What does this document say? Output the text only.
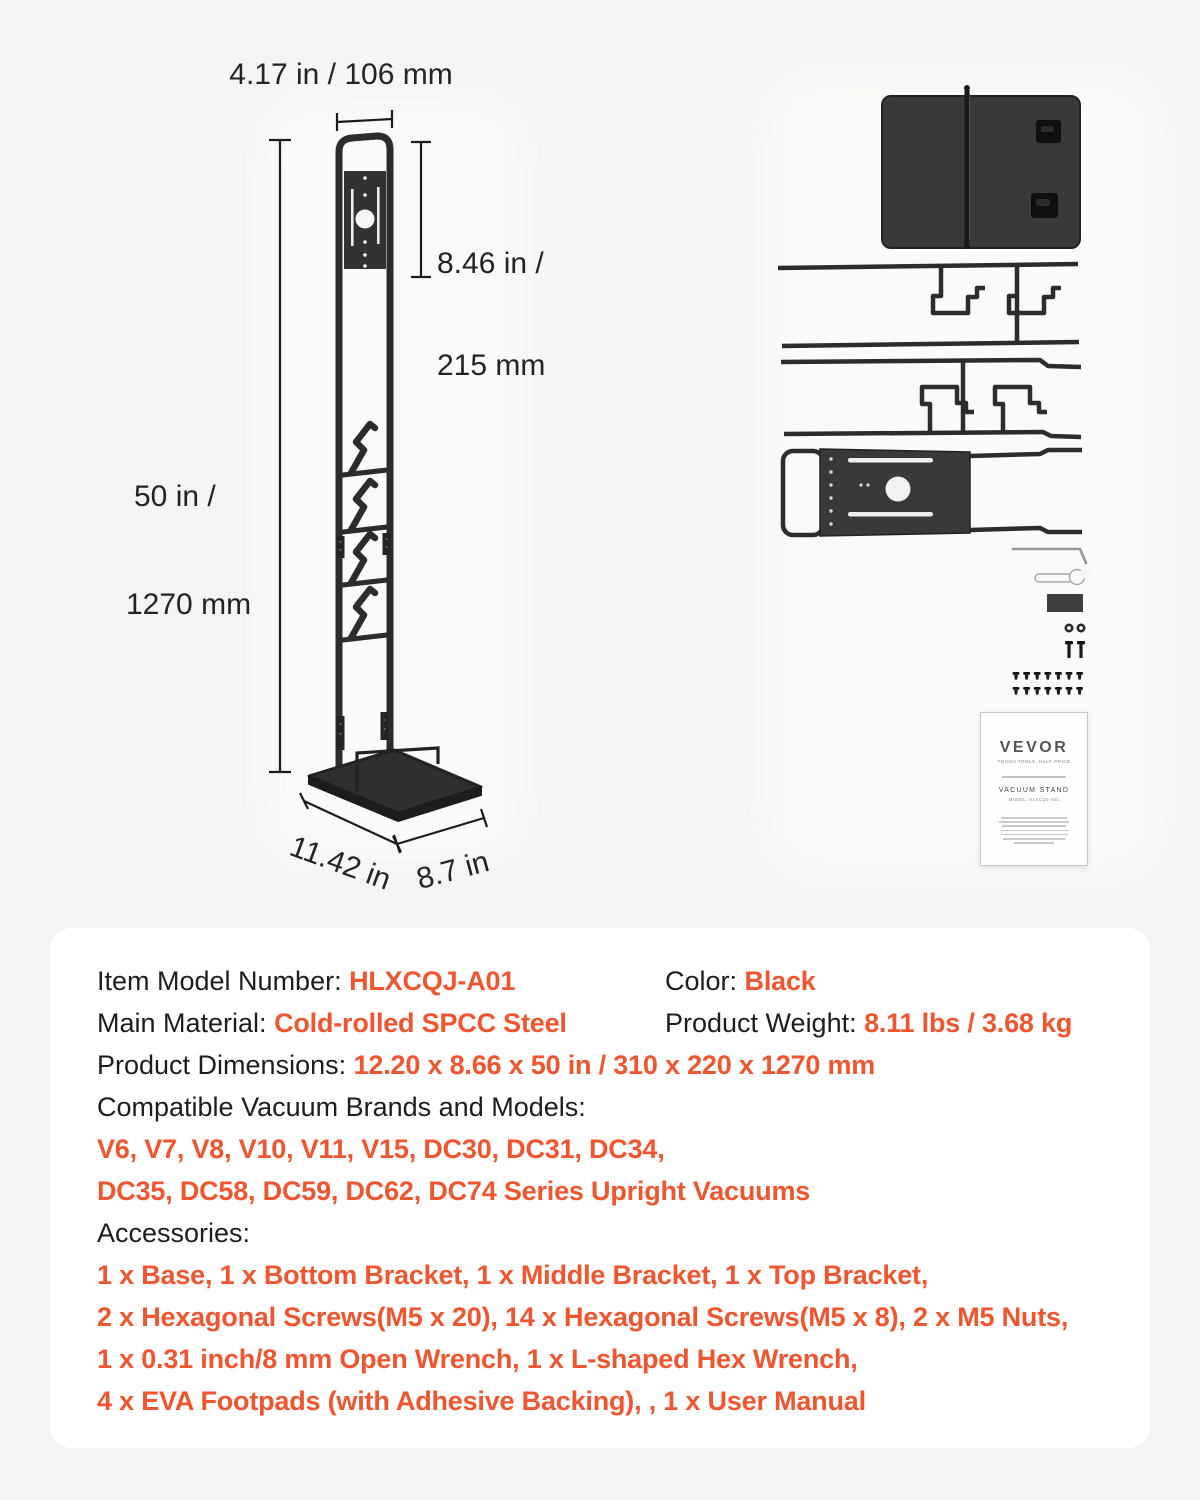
4.17 in / 106 mm

8.46 in /

215 mm

50 in /

1270 mm

11.42 in 8.7 in
VEVOR
TOUGH TOOLS, HALF PRICE
VACUUM STAND
MODEL: HLXCQJ-A01
Item Model Number: HLXCQJ-A01	Color: Black
Main Material: Cold-rolled SPCC Steel	Product Weight: 8.11 lbs / 3.68 kg
Product Dimensions: 12.20 x 8.66 x 50 in / 310 x 220 x 1270 mm
Compatible Vacuum Brands and Models:
V6, V7, V8, V10, V11, V15, DC30, DC31, DC34,
DC35, DC58, DC59, DC62, DC74 Series Upright Vacuums
Accessories:
1 x Base, 1 x Bottom Bracket, 1 x Middle Bracket, 1 x Top Bracket,
2 x Hexagonal Screws(M5 x 20), 14 x Hexagonal Screws(M5 x 8), 2 x M5 Nuts,
1 x 0.31 inch/8 mm Open Wrench, 1 x L-shaped Hex Wrench,
4 x EVA Footpads (with Adhesive Backing), , 1 x User Manual
